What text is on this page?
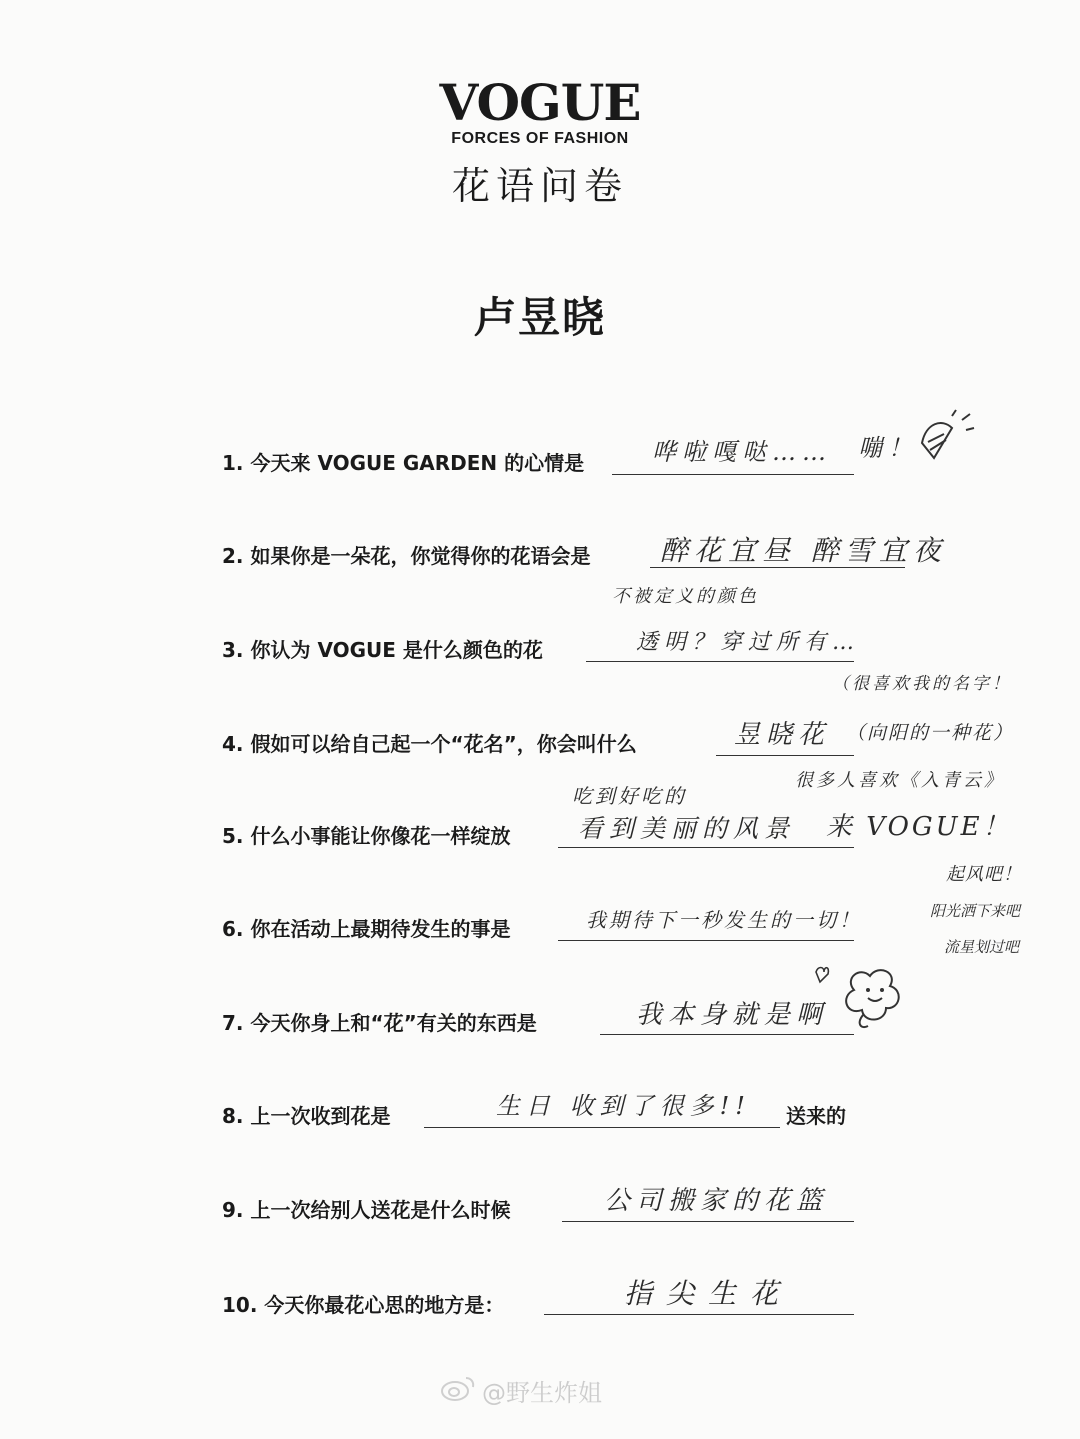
VOGUE
FORCES OF FASHION
花语问卷
卢昱晓
1. 今天来 VOGUE GARDEN 的心情是	哗啦嘎哒…… 嘣！
2. 如果你是一朵花，你觉得你的花语会是 醉花宜昼 醉雪宜夜
不被定义的颜色
3. 你认为 VOGUE 是什么颜色的花	透明？穿过所有…
（很喜欢我的名字！
4. 假如可以给自己起一个“花名”，你会叫什么	昱晓花 （向阳的一种花）
吃到好吃的
很多人喜欢《入青云》
5. 什么小事能让你像花一样绽放	看到美丽的风景 来 VOGUE！
起风吧！
6. 你在活动上最期待发生的事是	我期待下一秒发生的一切！	阳光洒下来吧
流星划过吧
7. 今天你身上和“花”有关的东西是	我本身就是啊
8. 上一次收到花是	生日 收到了很多!! 送来的
9. 上一次给别人送花是什么时候	公司搬家的花篮
10. 今天你最花心思的地方是：	指尖生花
@野生炸姐
